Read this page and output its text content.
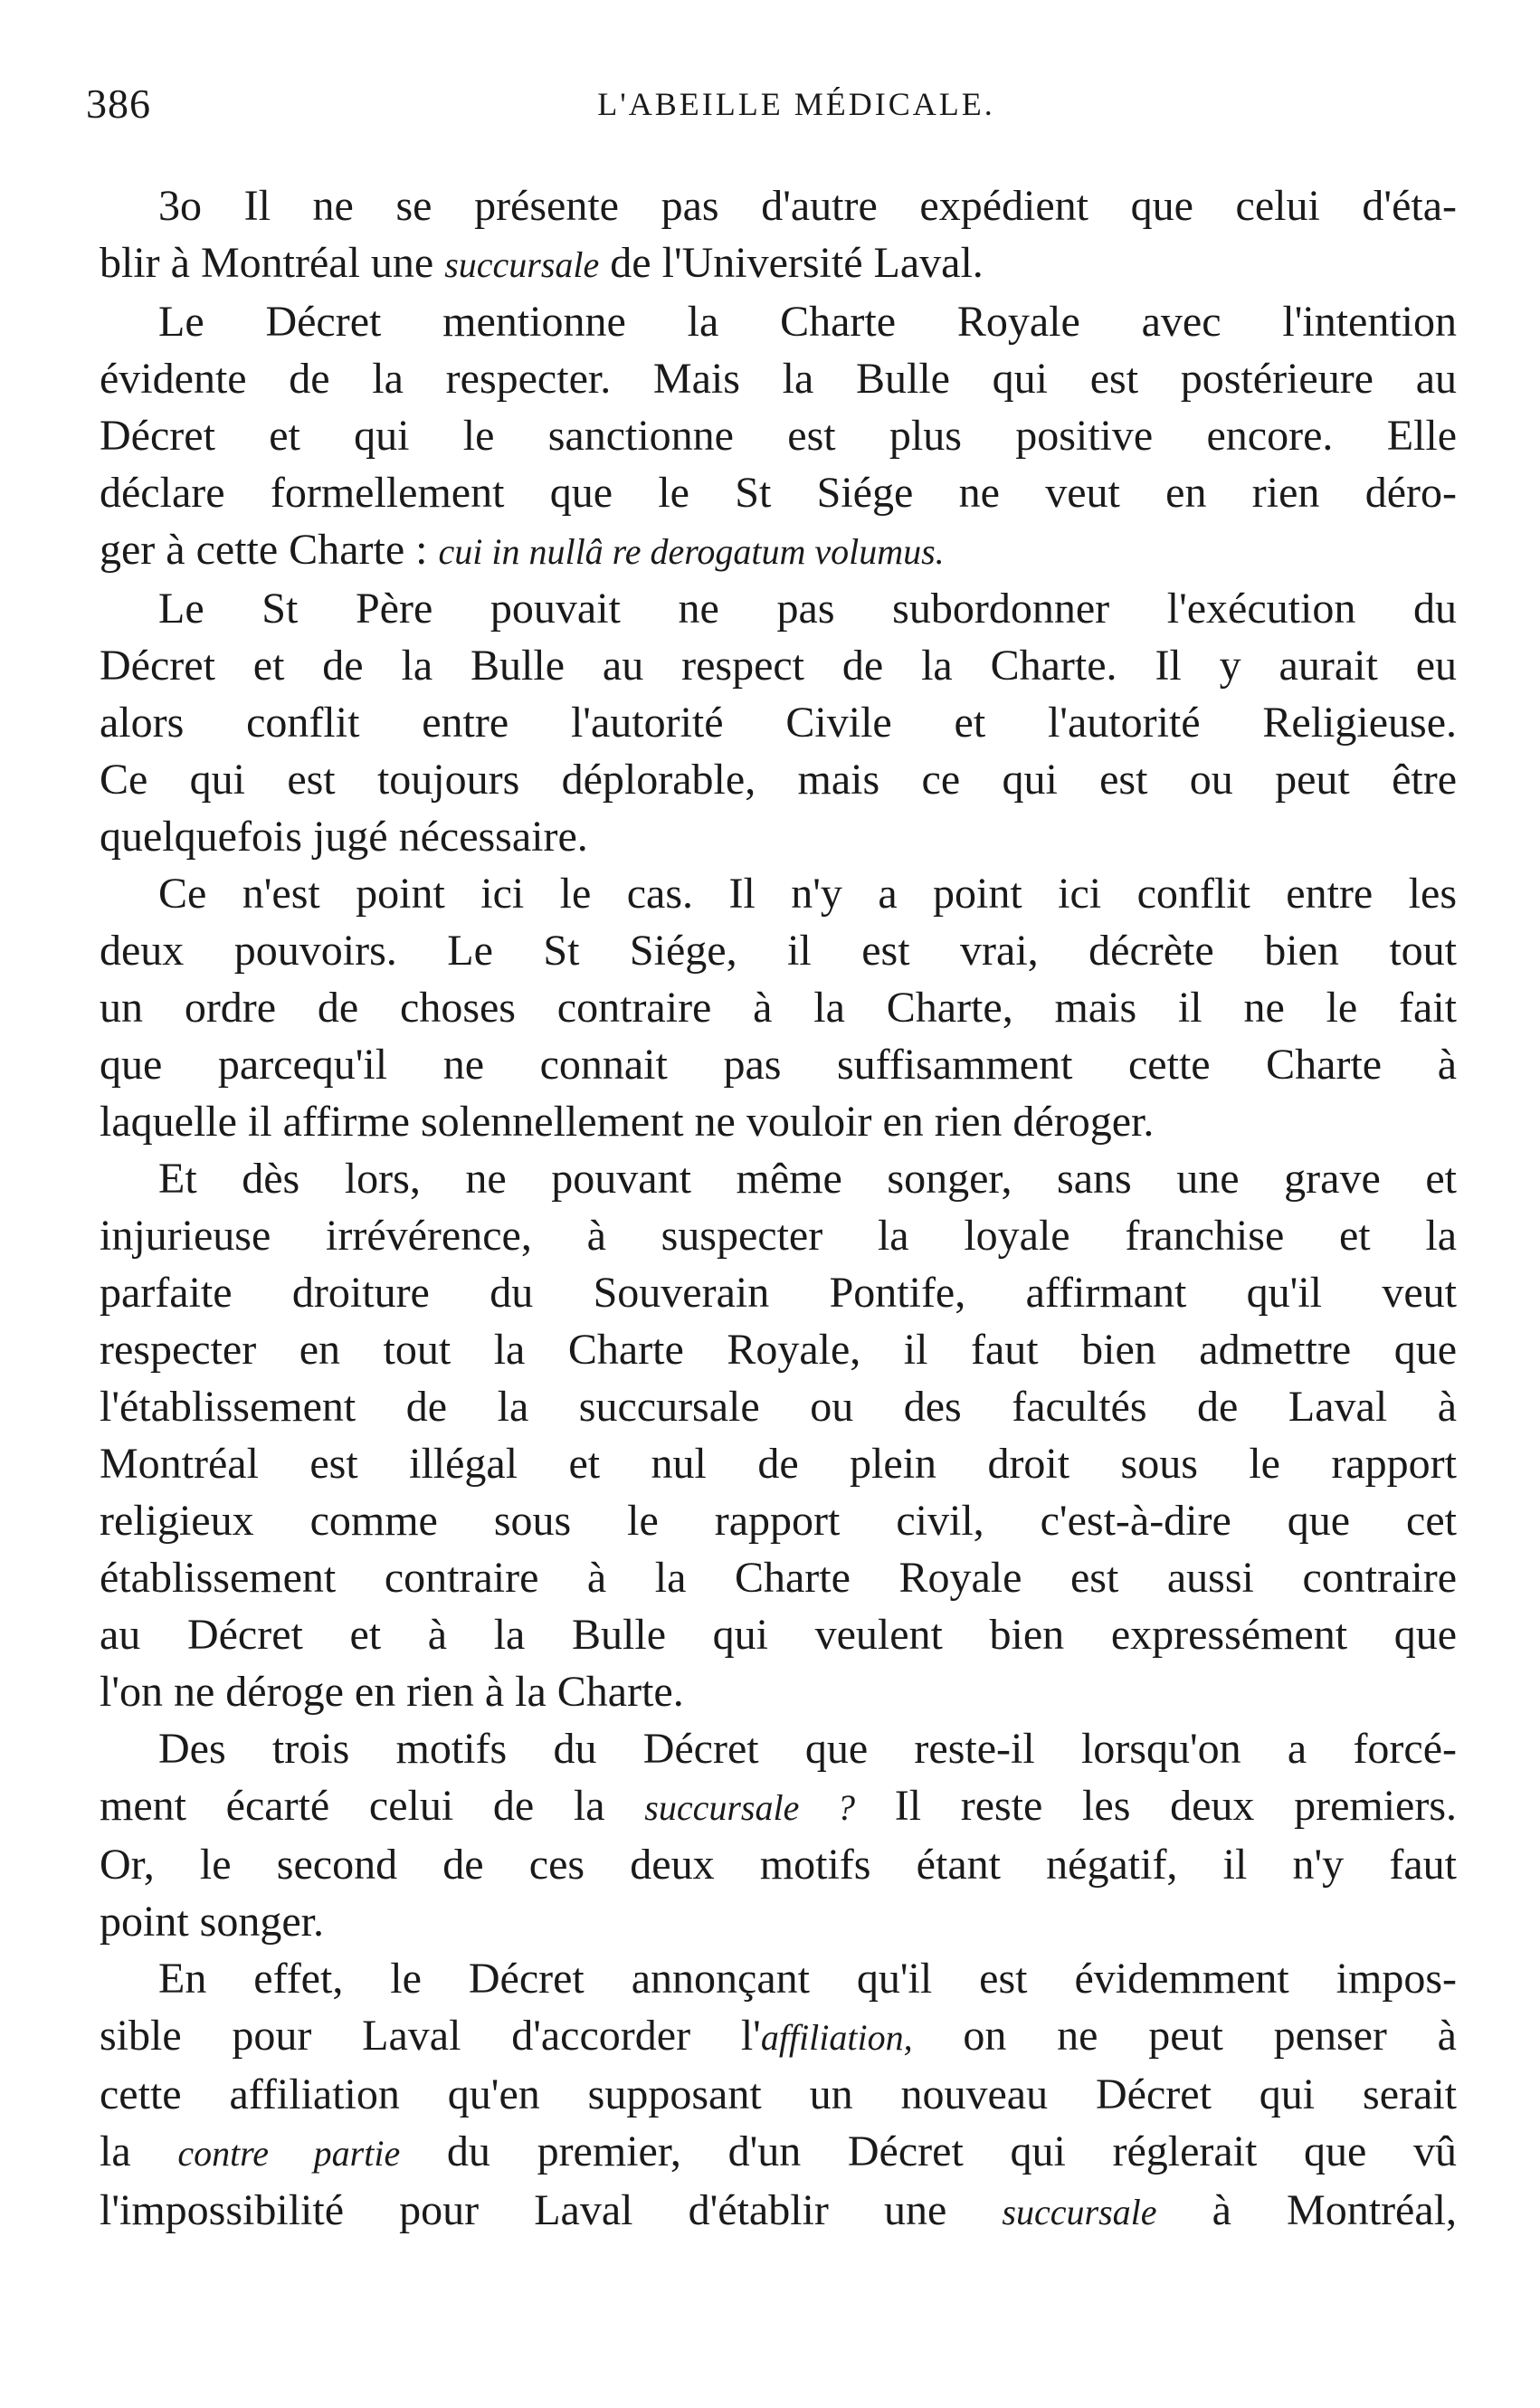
386	L'ABEILLE MÉDICALE.
3o Il ne se présente pas d'autre expédient que celui d'éta-
blir à Montréal une succursale de l'Université Laval.
Le Décret mentionne la Charte Royale avec l'intention
évidente de la respecter. Mais la Bulle qui est postérieure au
Décret et qui le sanctionne est plus positive encore. Elle
déclare formellement que le St Siége ne veut en rien déro-
ger à cette Charte : cui in nullâ re derogatum volumus.
Le St Père pouvait ne pas subordonner l'exécution du
Décret et de la Bulle au respect de la Charte. Il y aurait eu
alors conflit entre l'autorité Civile et l'autorité Religieuse.
Ce qui est toujours déplorable, mais ce qui est ou peut être
quelquefois jugé nécessaire.
Ce n'est point ici le cas. Il n'y a point ici conflit entre les
deux pouvoirs. Le St Siége, il est vrai, décrète bien tout
un ordre de choses contraire à la Charte, mais il ne le fait
que parcequ'il ne connait pas suffisamment cette Charte à
laquelle il affirme solennellement ne vouloir en rien déroger.
Et dès lors, ne pouvant même songer, sans une grave et
injurieuse irrévérence, à suspecter la loyale franchise et la
parfaite droiture du Souverain Pontife, affirmant qu'il veut
respecter en tout la Charte Royale, il faut bien admettre que
l'établissement de la succursale ou des facultés de Laval à
Montréal est illégal et nul de plein droit sous le rapport
religieux comme sous le rapport civil, c'est-à-dire que cet
établissement contraire à la Charte Royale est aussi contraire
au Décret et à la Bulle qui veulent bien expressément que
l'on ne déroge en rien à la Charte.
Des trois motifs du Décret que reste-il lorsqu'on a forcé-
ment écarté celui de la succursale ? Il reste les deux premiers.
Or, le second de ces deux motifs étant négatif, il n'y faut
point songer.
En effet, le Décret annonçant qu'il est évidemment impos-
sible pour Laval d'accorder l'affiliation, on ne peut penser à
cette affiliation qu'en supposant un nouveau Décret qui serait
la contre partie du premier, d'un Décret qui réglerait que vû
l'impossibilité pour Laval d'établir une succursale à Montréal,
